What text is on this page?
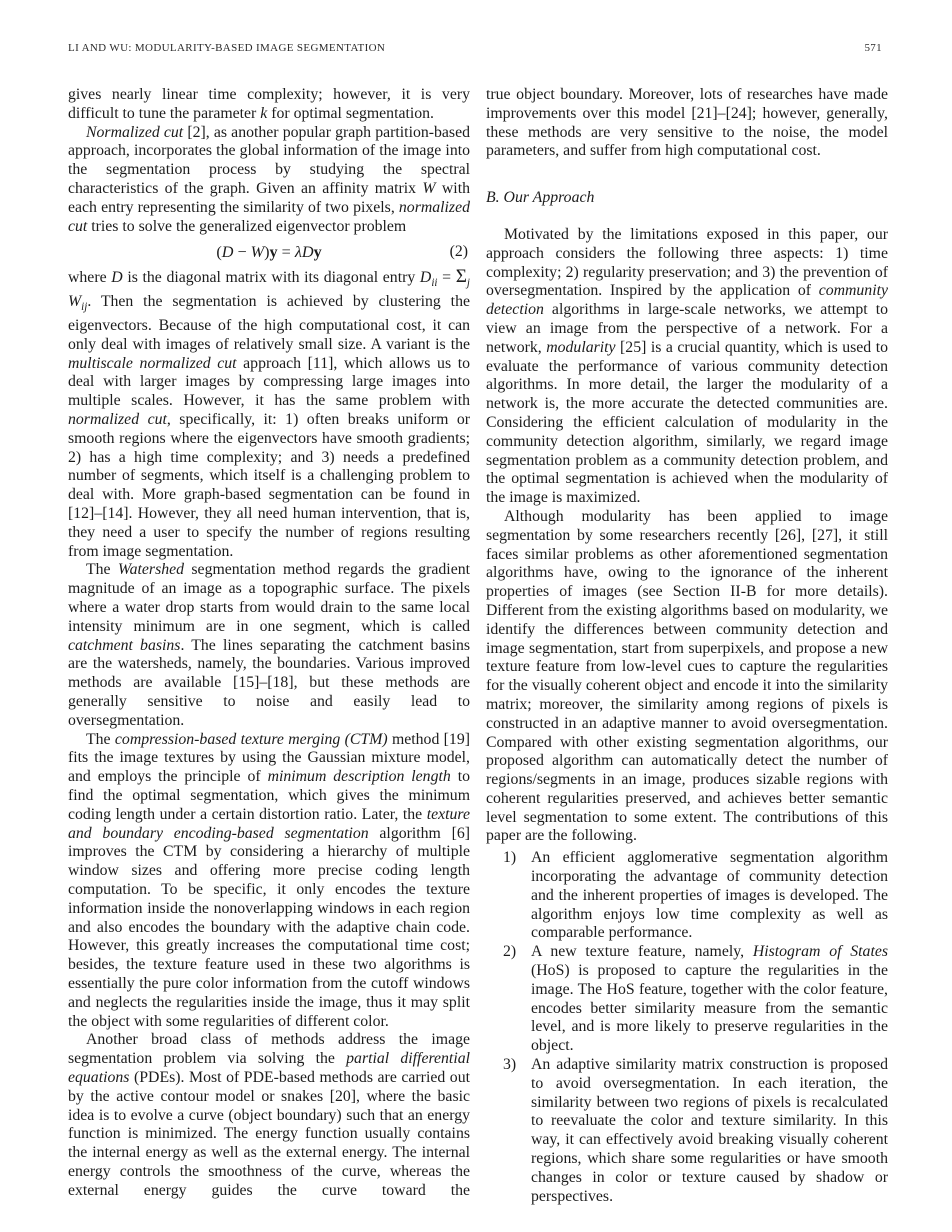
LI AND WU: MODULARITY-BASED IMAGE SEGMENTATION	571

gives nearly linear time complexity; however, it is very difficult to tune the parameter k for optimal segmentation.

Normalized cut [2], as another popular graph partition-based approach, incorporates the global information of the image into the segmentation process by studying the spectral characteristics of the graph. Given an affinity matrix W with each entry representing the similarity of two pixels, normalized cut tries to solve the generalized eigenvector problem

(D − W)y = λDy	(2)

where D is the diagonal matrix with its diagonal entry $D_{ii} = \Sigma_j$ $W_{ij}$. Then the segmentation is achieved by clustering the eigenvectors. Because of the high computational cost, it can only deal with images of relatively small size. A variant is the multiscale normalized cut approach [11], which allows us to deal with larger images by compressing large images into multiple scales. However, it has the same problem with normalized cut, specifically, it: 1) often breaks uniform or smooth regions where the eigenvectors have smooth gradients; 2) has a high time complexity; and 3) needs a predefined number of segments, which itself is a challenging problem to deal with. More graph-based segmentation can be found in [12]–[14]. However, they all need human intervention, that is, they need a user to specify the number of regions resulting from image segmentation.

The Watershed segmentation method regards the gradient magnitude of an image as a topographic surface. The pixels where a water drop starts from would drain to the same local intensity minimum are in one segment, which is called catchment basins. The lines separating the catchment basins are the watersheds, namely, the boundaries. Various improved methods are available [15]–[18], but these methods are generally sensitive to noise and easily lead to oversegmentation.

The compression-based texture merging (CTM) method [19] fits the image textures by using the Gaussian mixture model, and employs the principle of minimum description length to find the optimal segmentation, which gives the minimum coding length under a certain distortion ratio. Later, the texture and boundary encoding-based segmentation algorithm [6] improves the CTM by considering a hierarchy of multiple window sizes and offering more precise coding length computation. To be specific, it only encodes the texture information inside the nonoverlapping windows in each region and also encodes the boundary with the adaptive chain code. However, this greatly increases the computational time cost; besides, the texture feature used in these two algorithms is essentially the pure color information from the cutoff windows and neglects the regularities inside the image, thus it may split the object with some regularities of different color.

Another broad class of methods address the image segmentation problem via solving the partial differential equations (PDEs). Most of PDE-based methods are carried out by the active contour model or snakes [20], where the basic idea is to evolve a curve (object boundary) such that an energy function is minimized. The energy function usually contains the internal energy as well as the external energy. The internal energy controls the smoothness of the curve, whereas the external energy guides the curve toward the

true object boundary. Moreover, lots of researches have made improvements over this model [21]–[24]; however, generally, these methods are very sensitive to the noise, the model parameters, and suffer from high computational cost.

B. Our Approach

Motivated by the limitations exposed in this paper, our approach considers the following three aspects: 1) time complexity; 2) regularity preservation; and 3) the prevention of oversegmentation. Inspired by the application of community detection algorithms in large-scale networks, we attempt to view an image from the perspective of a network. For a network, modularity [25] is a crucial quantity, which is used to evaluate the performance of various community detection algorithms. In more detail, the larger the modularity of a network is, the more accurate the detected communities are. Considering the efficient calculation of modularity in the community detection algorithm, similarly, we regard image segmentation problem as a community detection problem, and the optimal segmentation is achieved when the modularity of the image is maximized.

Although modularity has been applied to image segmentation by some researchers recently [26], [27], it still faces similar problems as other aforementioned segmentation algorithms have, owing to the ignorance of the inherent properties of images (see Section II-B for more details). Different from the existing algorithms based on modularity, we identify the differences between community detection and image segmentation, start from superpixels, and propose a new texture feature from low-level cues to capture the regularities for the visually coherent object and encode it into the similarity matrix; moreover, the similarity among regions of pixels is constructed in an adaptive manner to avoid oversegmentation. Compared with other existing segmentation algorithms, our proposed algorithm can automatically detect the number of regions/segments in an image, produces sizable regions with coherent regularities preserved, and achieves better semantic level segmentation to some extent. The contributions of this paper are the following.

1) An efficient agglomerative segmentation algorithm incorporating the advantage of community detection and the inherent properties of images is developed. The algorithm enjoys low time complexity as well as comparable performance.
2) A new texture feature, namely, Histogram of States (HoS) is proposed to capture the regularities in the image. The HoS feature, together with the color feature, encodes better similarity measure from the semantic level, and is more likely to preserve regularities in the object.
3) An adaptive similarity matrix construction is proposed to avoid oversegmentation. In each iteration, the similarity between two regions of pixels is recalculated to reevaluate the color and texture similarity. In this way, it can effectively avoid breaking visually coherent regions, which share some regularities or have smooth changes in color or texture caused by shadow or perspectives.
